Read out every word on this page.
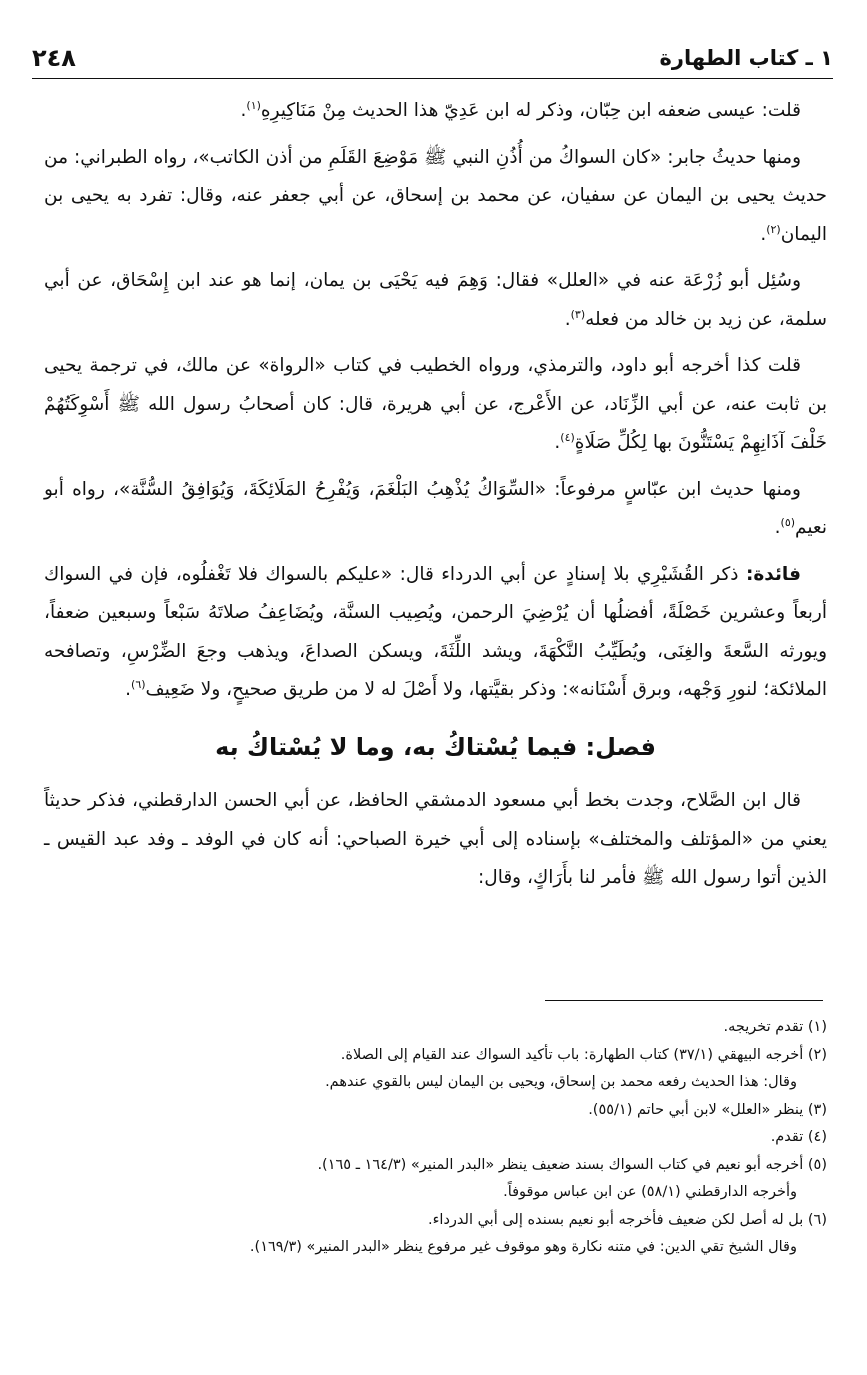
١ ـ كتاب الطهارة
٢٤٨

قلت: عيسى ضعفه ابن حِبّان، وذكر له ابن عَدِيّ هذا الحديث مِنْ مَنَاكِيرِهِ$^{(١)}$.

ومنها حديثُ جابر: «كان السواكُ من أُذُنِ النبي ﷺ مَوْضِعَ القَلَمِ من أذن الكاتب»، رواه الطبراني: من حديث يحيى بن اليمان عن سفيان، عن محمد بن إسحاق، عن أبي جعفر عنه، وقال: تفرد به يحيى بن اليمان$^{(٢)}$.

وسُئِل أبو زُرْعَة عنه في «العلل» فقال: وَهِمَ فيه يَحْيَى بن يمان، إنما هو عند ابن إِسْحَاق، عن أبي سلمة، عن زيد بن خالد من فعله$^{(٣)}$.

قلت كذا أخرجه أبو داود، والترمذي، ورواه الخطيب في كتاب «الرواة» عن مالك، في ترجمة يحيى بن ثابت عنه، عن أبي الزِّنَاد، عن الأَعْرج، عن أبي هريرة، قال: كان أصحابُ رسول الله ﷺ أَسْوِكَتُهُمْ خَلْفَ آذَانِهِمْ يَسْتَنُّونَ بها لِكُلِّ صَلَاةٍ$^{(٤)}$.

ومنها حديث ابن عبّاسٍ مرفوعاً: «السِّوَاكُ يُذْهِبُ البَلْغَمَ، وَيُفْرِحُ المَلَائِكَةَ، وَيُوَافِقُ السُّنَّة»، رواه أبو نعيم$^{(٥)}$.

فائدة: ذكر القُشَيْرِي بلا إسنادٍ عن أبي الدرداء قال: «عليكم بالسواك فلا تَغْفلُوه، فإن في السواك أربعاً وعشرين خَصْلَةً، أفضلُها أن يُرْضِيَ الرحمن، ويُصِيب السنَّة، ويُضَاعِفُ صلاتَهُ سَبْعاً وسبعين ضعفاً، ويورثه السَّعةَ والغِنَى، ويُطَيِّبُ النَّكْهَةَ، ويشد اللِّثَةَ، ويسكن الصداعَ، ويذهب وجعَ الضِّرْسِ، وتصافحه الملائكة؛ لنورِ وَجْهه، وبرق أَسْنَانه»: وذكر بقيَّتها، ولا أَصْلَ له لا من طريق صحيحٍ، ولا ضَعِيف$^{(٦)}$.

فصل: فيما يُسْتاكُ به، وما لا يُسْتاكُ به

قال ابن الصَّلاح، وجدت بخط أبي مسعود الدمشقي الحافظ، عن أبي الحسن الدارقطني، فذكر حديثاً يعني من «المؤتلف والمختلف» بإسناده إلى أبي خيرة الصباحي: أنه كان في الوفد ـ وفد عبد القيس ـ الذين أتوا رسول الله ﷺ فأمر لنا بأَرَاكٍ، وقال:

(١) تقدم تخريجه.

(٢) أخرجه البيهقي (٣٧/١) كتاب الطهارة: باب تأكيد السواك عند القيام إلى الصلاة.

وقال: هذا الحديث رفعه محمد بن إسحاق، ويحيى بن اليمان ليس بالقوي عندهم.

(٣) ينظر «العلل» لابن أبي حاتم (٥٥/١).

(٤) تقدم.

(٥) أخرجه أبو نعيم في كتاب السواك بسند ضعيف ينظر «البدر المنير» (١٦٤/٣ ـ ١٦٥).

وأخرجه الدارقطني (٥٨/١) عن ابن عباس موقوفاً.

(٦) بل له أصل لكن ضعيف فأخرجه أبو نعيم بسنده إلى أبي الدرداء.

وقال الشيخ تقي الدين: في متنه نكارة وهو موقوف غير مرفوع ينظر «البدر المنير» (١٦٩/٣).
